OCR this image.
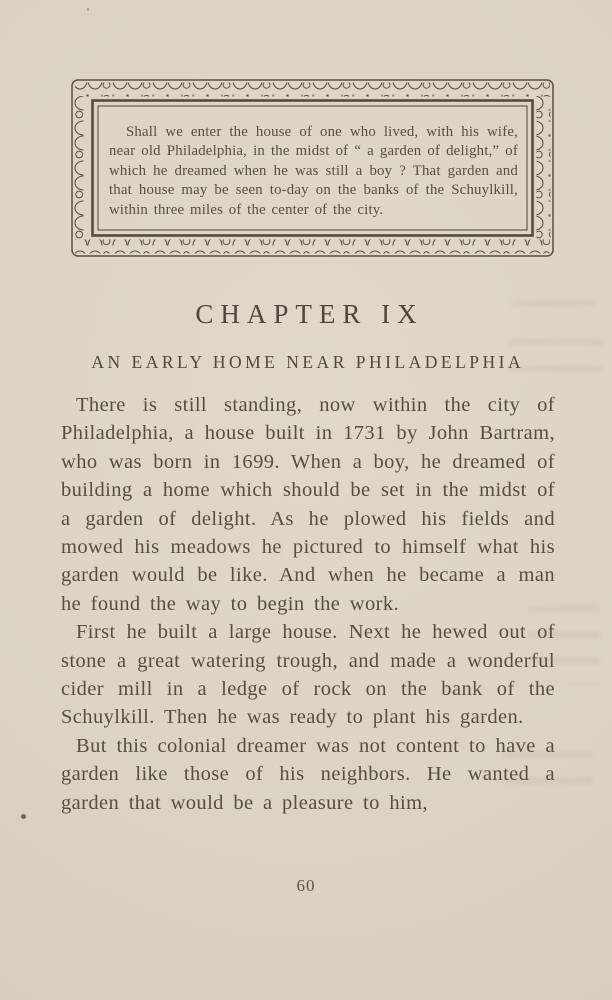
Shall we enter the house of one who lived, with his wife, near old Philadelphia, in the midst of “ a garden of delight,” of which he dreamed when he was still a boy ? That garden and that house may be seen to-day on the banks of the Schuylkill, within three miles of the center of the city.

CHAPTER IX
AN EARLY HOME NEAR PHILADELPHIA

There is still standing, now within the city of Philadelphia, a house built in 1731 by John Bartram, who was born in 1699. When a boy, he dreamed of building a home which should be set in the midst of a garden of delight. As he plowed his fields and mowed his meadows he pictured to himself what his garden would be like. And when he became a man he found the way to begin the work.

First he built a large house. Next he hewed out of stone a great watering trough, and made a wonderful cider mill in a ledge of rock on the bank of the Schuylkill. Then he was ready to plant his garden.

But this colonial dreamer was not content to have a garden like those of his neighbors. He wanted a garden that would be a pleasure to him,

60
